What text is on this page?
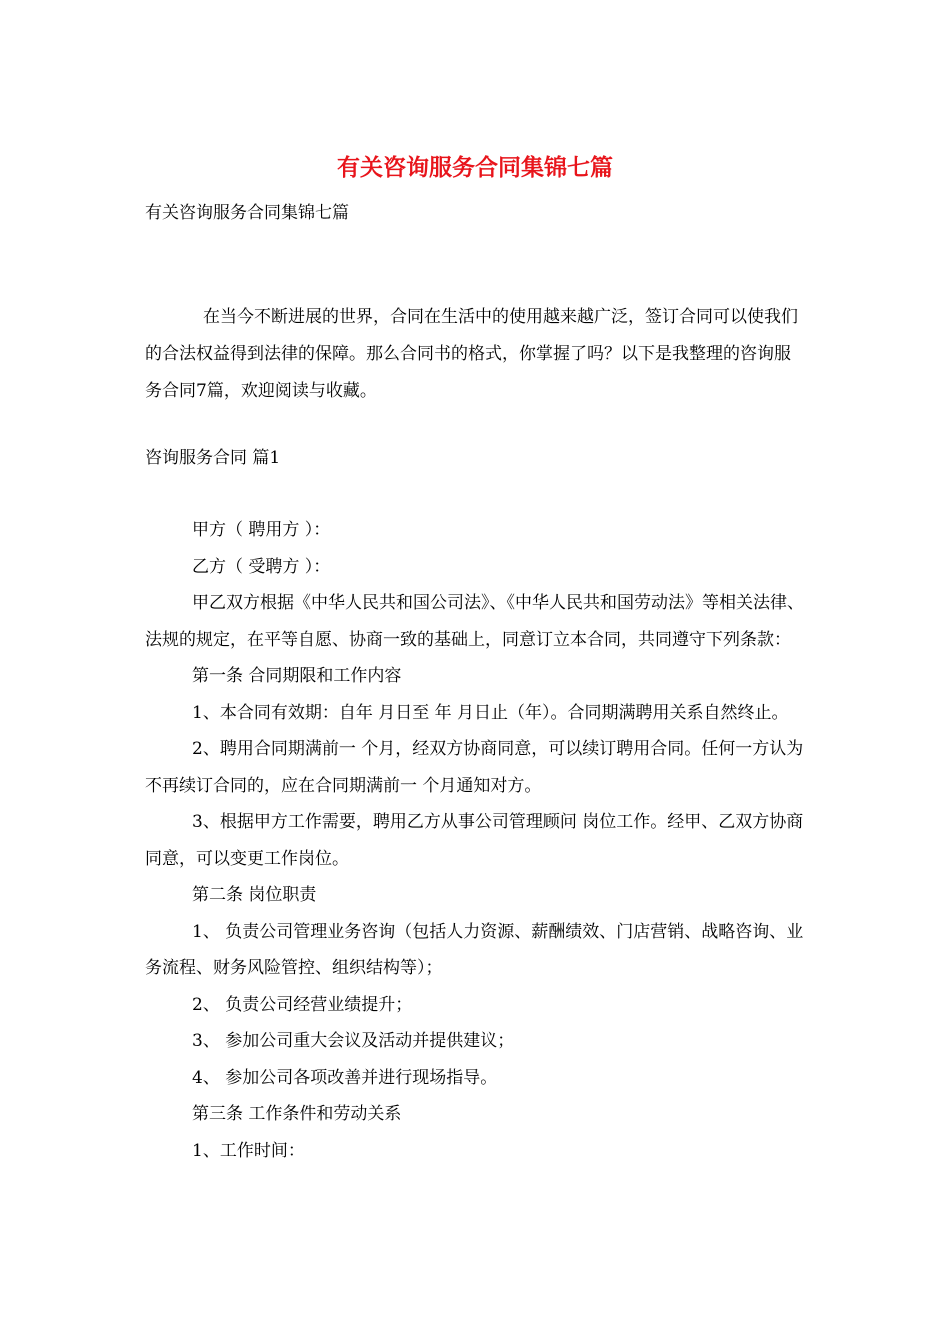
有关咨询服务合同集锦七篇

有关咨询服务合同集锦七篇

在当今不断进展的世界，合同在生活中的使用越来越广泛，签订合同可以使我们的合法权益得到法律的保障。那么合同书的格式，你掌握了吗？以下是我整理的咨询服务合同7篇，欢迎阅读与收藏。

咨询服务合同 篇1

甲方（ 聘用方 ）：

乙方（ 受聘方 ）：

甲乙双方根据《中华人民共和国公司法》、《中华人民共和国劳动法》等相关法律、法规的规定，在平等自愿、协商一致的基础上，同意订立本合同，共同遵守下列条款：

第一条 合同期限和工作内容

1、本合同有效期：自年 月日至 年 月日止（年）。合同期满聘用关系自然终止。

2、聘用合同期满前一 个月，经双方协商同意，可以续订聘用合同。任何一方认为不再续订合同的，应在合同期满前一 个月通知对方。

3、根据甲方工作需要，聘用乙方从事公司管理顾问 岗位工作。经甲、乙双方协商同意，可以变更工作岗位。

第二条 岗位职责

1、 负责公司管理业务咨询（包括人力资源、薪酬绩效、门店营销、战略咨询、业务流程、财务风险管控、组织结构等）；

2、 负责公司经营业绩提升；

3、 参加公司重大会议及活动并提供建议；

4、 参加公司各项改善并进行现场指导。

第三条 工作条件和劳动关系

1、工作时间：
